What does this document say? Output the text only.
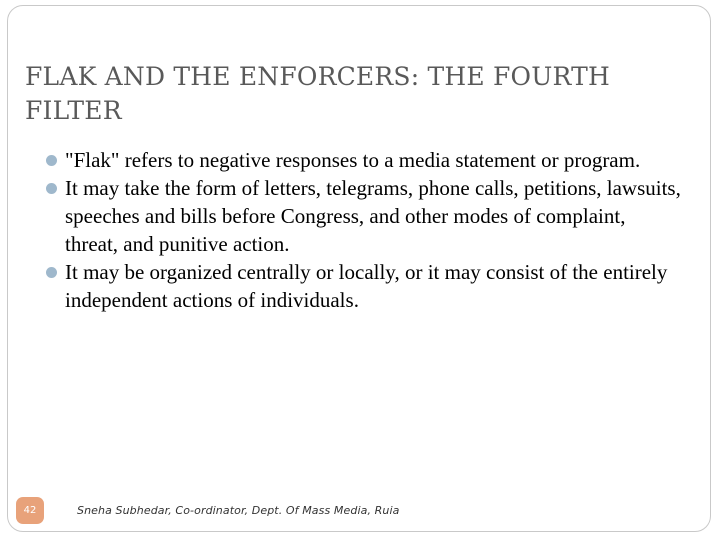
FLAK AND THE ENFORCERS: THE FOURTH
FILTER
"Flak" refers to negative responses to a media statement or program.
It may take the form of letters, telegrams, phone calls, petitions, lawsuits, speeches and bills before Congress, and other modes of complaint, threat, and punitive action.
It may be organized centrally or locally, or it may consist of the entirely independent actions of individuals.
42	Sneha Subhedar, Co-ordinator, Dept. Of Mass Media, Ruia
